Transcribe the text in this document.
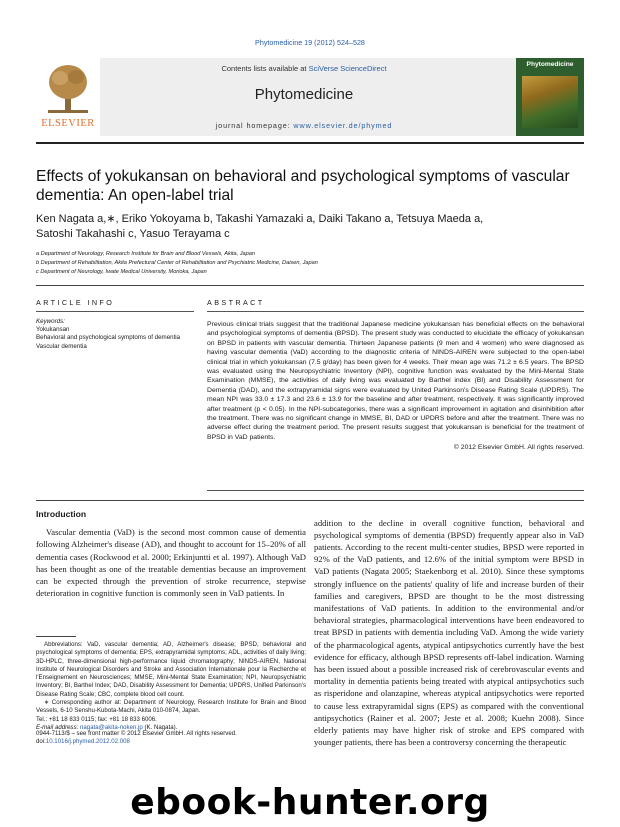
Phytomedicine 19 (2012) 524–528
ELSEVIER
Contents lists available at SciVerse ScienceDirect
Phytomedicine
journal homepage: www.elsevier.de/phymed
Phytomedicine
Effects of yokukansan on behavioral and psychological symptoms of vascular dementia: An open-label trial
Ken Nagata a,∗, Eriko Yokoyama b, Takashi Yamazaki a, Daiki Takano a, Tetsuya Maeda a,
Satoshi Takahashi c, Yasuo Terayama c
a Department of Neurology, Research Institute for Brain and Blood Vessels, Akita, Japan
b Department of Rehabilitation, Akita Prefectural Center of Rehabilitation and Psychiatric Medicine, Daisen, Japan
c Department of Neurology, Iwate Medical University, Morioka, Japan
ARTICLE INFO	ABSTRACT
Keywords:
Yokukansan
Behavioral and psychological symptoms of dementia
Vascular dementia
Previous clinical trials suggest that the traditional Japanese medicine yokukansan has beneficial effects on the behavioral and psychological symptoms of dementia (BPSD). The present study was conducted to elucidate the efficacy of yokukansan on BPSD in patients with vascular dementia. Thirteen Japanese patients (9 men and 4 women) who were diagnosed as having vascular dementia (VaD) according to the diagnostic criteria of NINDS-AIREN were subjected to the open-label clinical trial in which yokukansan (7.5 g/day) has been given for 4 weeks. Their mean age was 71.2 ± 6.5 years. The BPSD was evaluated using the Neuropsychiatric Inventory (NPI), cognitive function was evaluated by the Mini-Mental State Examination (MMSE), the activities of daily living was evaluated by Barthel index (BI) and Disability Assessment for Dementia (DAD), and the extrapyramidal signs were evaluated by United Parkinson's Disease Rating Scale (UPDRS). The mean NPI was 33.0 ± 17.3 and 23.6 ± 13.9 for the baseline and after treatment, respectively. It was significantly improved after treatment (p < 0.05). In the NPI-subcategories, there was a significant improvement in agitation and disinhibition after the treatment. There was no significant change in MMSE, BI, DAD or UPDRS before and after the treatment. There was no adverse effect during the treatment period. The present results suggest that yokukansan is beneficial for the treatment of BPSD in VaD patients.
© 2012 Elsevier GmbH. All rights reserved.
Introduction

Vascular dementia (VaD) is the second most common cause of dementia following Alzheimer's disease (AD), and thought to account for 15–20% of all dementia cases (Rockwood et al. 2000; Erkinjuntti et al. 1997). Although VaD has been thought as one of the treatable dementias because an improvement can be expected through the prevention of stroke recurrence, stepwise deterioration in cognitive function is commonly seen in VaD patients. In

addition to the decline in overall cognitive function, behavioral and psychological symptoms of dementia (BPSD) frequently appear also in VaD patients. According to the recent multi-center studies, BPSD were reported in 92% of the VaD patients, and 12.6% of the initial symptom were BPSD in VaD patients (Nagata 2005; Staekenborg et al. 2010). Since these symptoms strongly influence on the patients' quality of life and increase burden of their families and caregivers, BPSD are thought to be the most distressing manifestations of VaD patients. In addition to the environmental and/or behavioral strategies, pharmacological interventions have been endeavored to treat BPSD in patients with dementia including VaD. Among the wide variety of the pharmacological agents, atypical antipsychotics currently have the best evidence for efficacy, although BPSD represents off-label indication. Warning has been issued about a possible increased risk of cerebrovascular events and mortality in dementia patients being treated with atypical antipsychotics such as risperidone and olanzapine, whereas atypical antipsychotics were reported to cause less extrapyramidal signs (EPS) as compared with the conventional antipsychotics (Rainer et al. 2007; Jeste et al. 2008; Kuehn 2008). Since elderly patients may have higher risk of stroke and EPS compared with younger patients, there has been a controversy concerning the therapeutic

Abbreviations: VaD, vascular dementia; AD, Alzheimer's disease; BPSD, behavioral and psychological symptoms of dementia; EPS, extrapyramidal symptoms; ADL, activities of daily living; 3D-HPLC, three-dimensional high-performance liquid chromatography; NINDS-AIREN, National Institute of Neurological Disorders and Stroke and Association Internationale pour la Recherche et l'Enseignement en Neurosciences; MMSE, Mini-Mental State Examination; NPI, Neuropsychiatric Inventory; BI, Barthel Index; DAD, Disability Assessment for Dementia; UPDRS, Unified Parkinson's Disease Rating Scale; CBC, complete blood cell count.

∗ Corresponding author at: Department of Neurology, Research Institute for Brain and Blood Vessels, 6-10 Senshu-Kubota-Machi, Akita 010-0874, Japan.

Tel.: +81 18 833 0115; fax: +81 18 833 6006.
E-mail address: nagata@akita-noken.jp (K. Nagata).
0944-7113/$ – see front matter © 2012 Elsevier GmbH. All rights reserved.
doi:10.1016/j.phymed.2012.02.008
ebook-hunter.org
